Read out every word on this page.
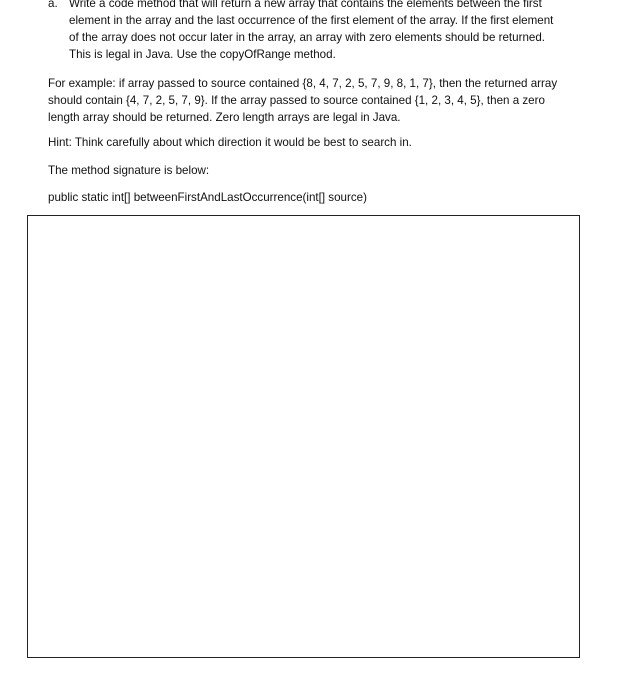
a. Write a code method that will return a new array that contains the elements between the first
element in the array and the last occurrence of the first element of the array. If the first element
of the array does not occur later in the array, an array with zero elements should be returned.
This is legal in Java. Use the copyOfRange method.
For example: if array passed to source contained {8, 4, 7, 2, 5, 7, 9, 8, 1, 7}, then the returned array
should contain {4, 7, 2, 5, 7, 9}. If the array passed to source contained {1, 2, 3, 4, 5}, then a zero
length array should be returned. Zero length arrays are legal in Java.
Hint: Think carefully about which direction it would be best to search in.
The method signature is below:
public static int[] betweenFirstAndLastOccurrence(int[] source)
